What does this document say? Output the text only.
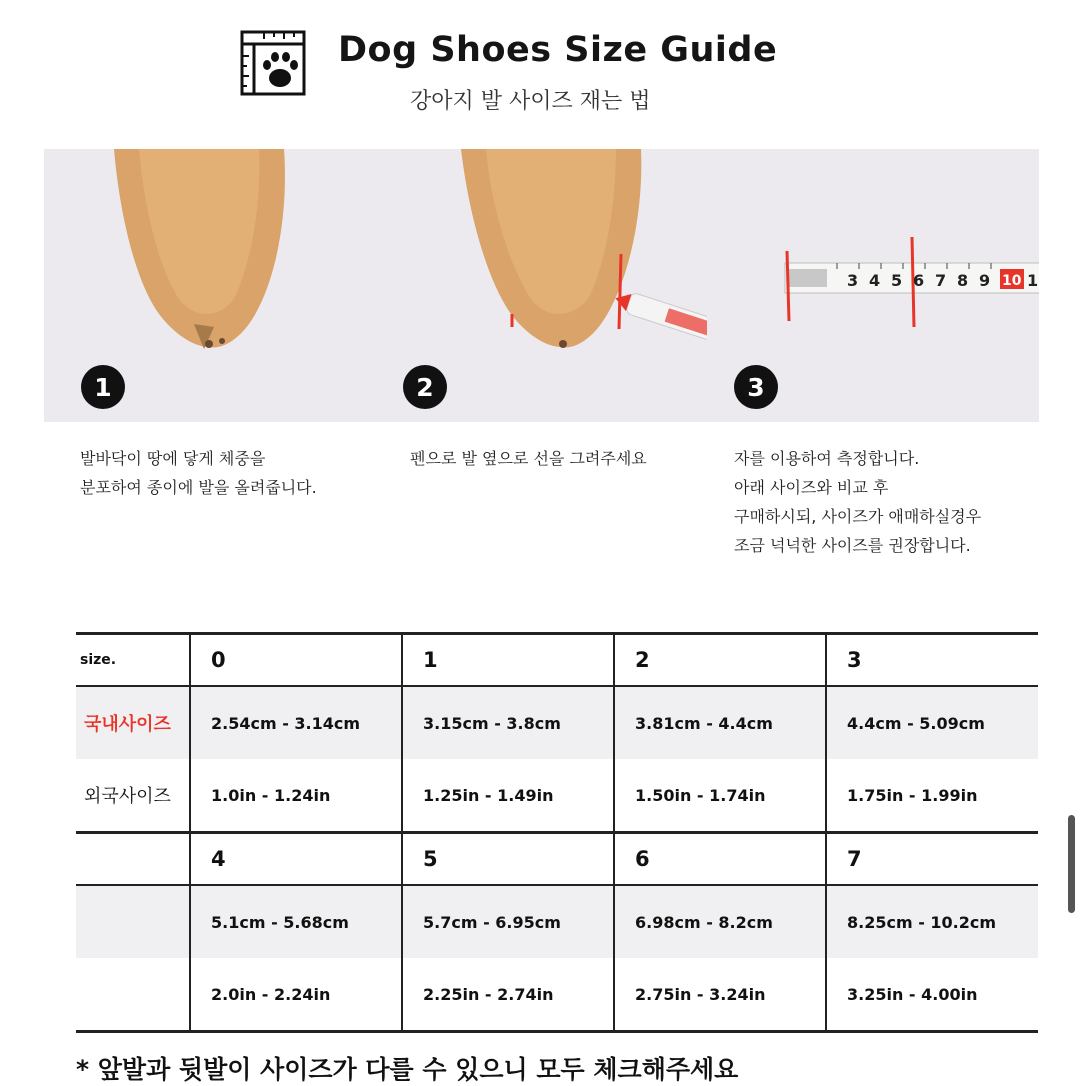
Dog Shoes Size Guide
강아지 발 사이즈 재는 법
1	2
3 4 5 6 7 8 9 1
10
3
발바닥이 땅에 닿게 체중을
분포하여 종이에 발을 올려줍니다.
펜으로 발 옆으로 선을 그려주세요	자를 이용하여 측정합니다.
아래 사이즈와 비교 후
구매하시되, 사이즈가 애매하실경우
조금 넉넉한 사이즈를 권장합니다.
size.	0	1	2	3
국내사이즈	2.54cm - 3.14cm	3.15cm - 3.8cm	3.81cm - 4.4cm	4.4cm - 5.09cm
외국사이즈	1.0in - 1.24in	1.25in - 1.49in	1.50in - 1.74in	1.75in - 1.99in
	4	5	6	7
	5.1cm - 5.68cm	5.7cm - 6.95cm	6.98cm - 8.2cm	8.25cm - 10.2cm
	2.0in - 2.24in	2.25in - 2.74in	2.75in - 3.24in	3.25in - 4.00in
* 앞발과 뒷발이 사이즈가 다를 수 있으니 모두 체크해주세요
